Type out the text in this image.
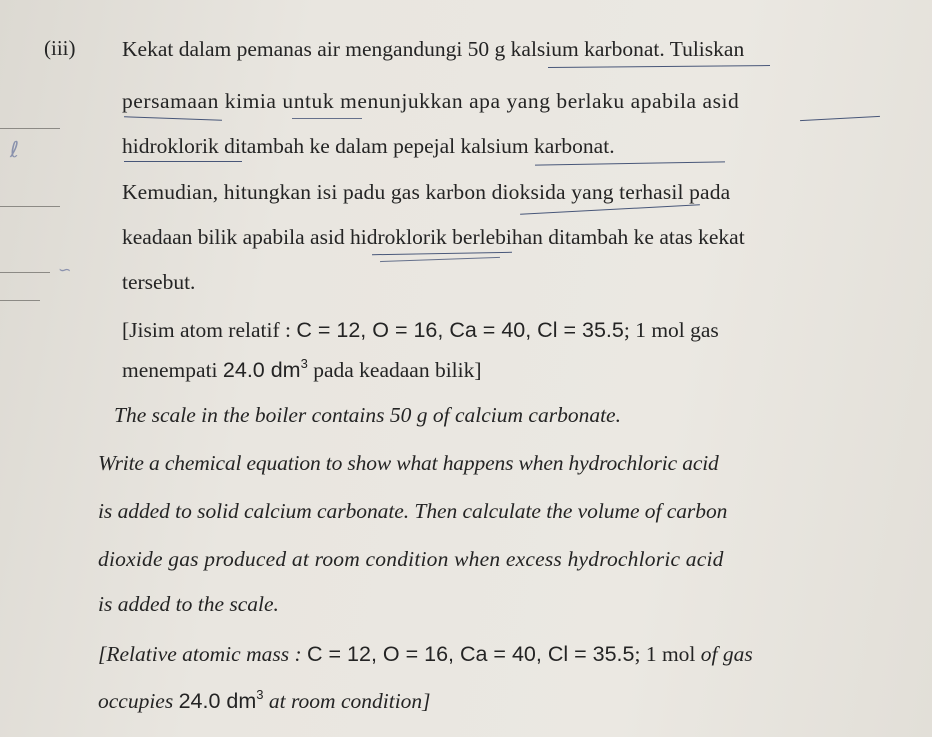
ℓ
∽
(iii) Kekat dalam pemanas air mengandungi 50 g kalsium karbonat. Tuliskan
persamaan kimia untuk menunjukkan apa yang berlaku apabila asid
hidroklorik ditambah ke dalam pepejal kalsium karbonat.
Kemudian, hitungkan isi padu gas karbon dioksida yang terhasil pada
keadaan bilik apabila asid hidroklorik berlebihan ditambah ke atas kekat
tersebut.
[Jisim atom relatif : C = 12, O = 16, Ca = 40, Cl = 35.5; 1 mol gas
menempati 24.0 $dm^3$ pada keadaan bilik]
The scale in the boiler contains 50 g of calcium carbonate.
Write a chemical equation to show what happens when hydrochloric acid
is added to solid calcium carbonate. Then calculate the volume of carbon
dioxide gas produced at room condition when excess hydrochloric acid
is added to the scale.
[Relative atomic mass : C = 12, O = 16, Ca = 40, Cl = 35.5; 1 mol of gas
occupies 24.0 $dm^3$ at room condition]
